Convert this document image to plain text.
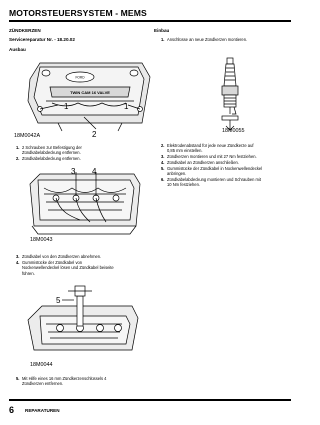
MOTORSTEUERSYSTEM - MEMS
ZÜNDKERZEN
Servicereparatur Nr. - 18.20.02
Ausbau
FORD
TWIN CAM 16 VALVE
1	1
2
18M0042A
1. 2 Schrauben zur Befestigung der
Zündkabelabdeckung entfernen.
2. Zündkabelabdeckung entfernen.
3 4
18M0043
3. Zündkabel von den Zündkerzen abnehmen.
4. Gummistücke der Zündkabel von
Nockenwellendeckel lösen und Zündkabel beiseite
führen.
5
18M0044
5. Mit Hilfe eines 16 mm Zündkerzenschlüssels 4
Zündkerzen entfernen.
Einbau
1. Anschlüsse an neue Zündkerzen montieren.
18M0055
2. Elektrodenabstand für jede neue Zündkerze auf
0,85 mm einstellen.
3. Zündkerzen montieren und mit 27 Nm festziehen.
4. Zündkabel an Zündkerzen anschließen.
5. Gummistücke der Zündkabel in Nockenwellendeckel
anbringen.
6. Zündkabelabdeckung montieren und Schrauben mit
10 Nm festziehen.
6 REPARATUREN
